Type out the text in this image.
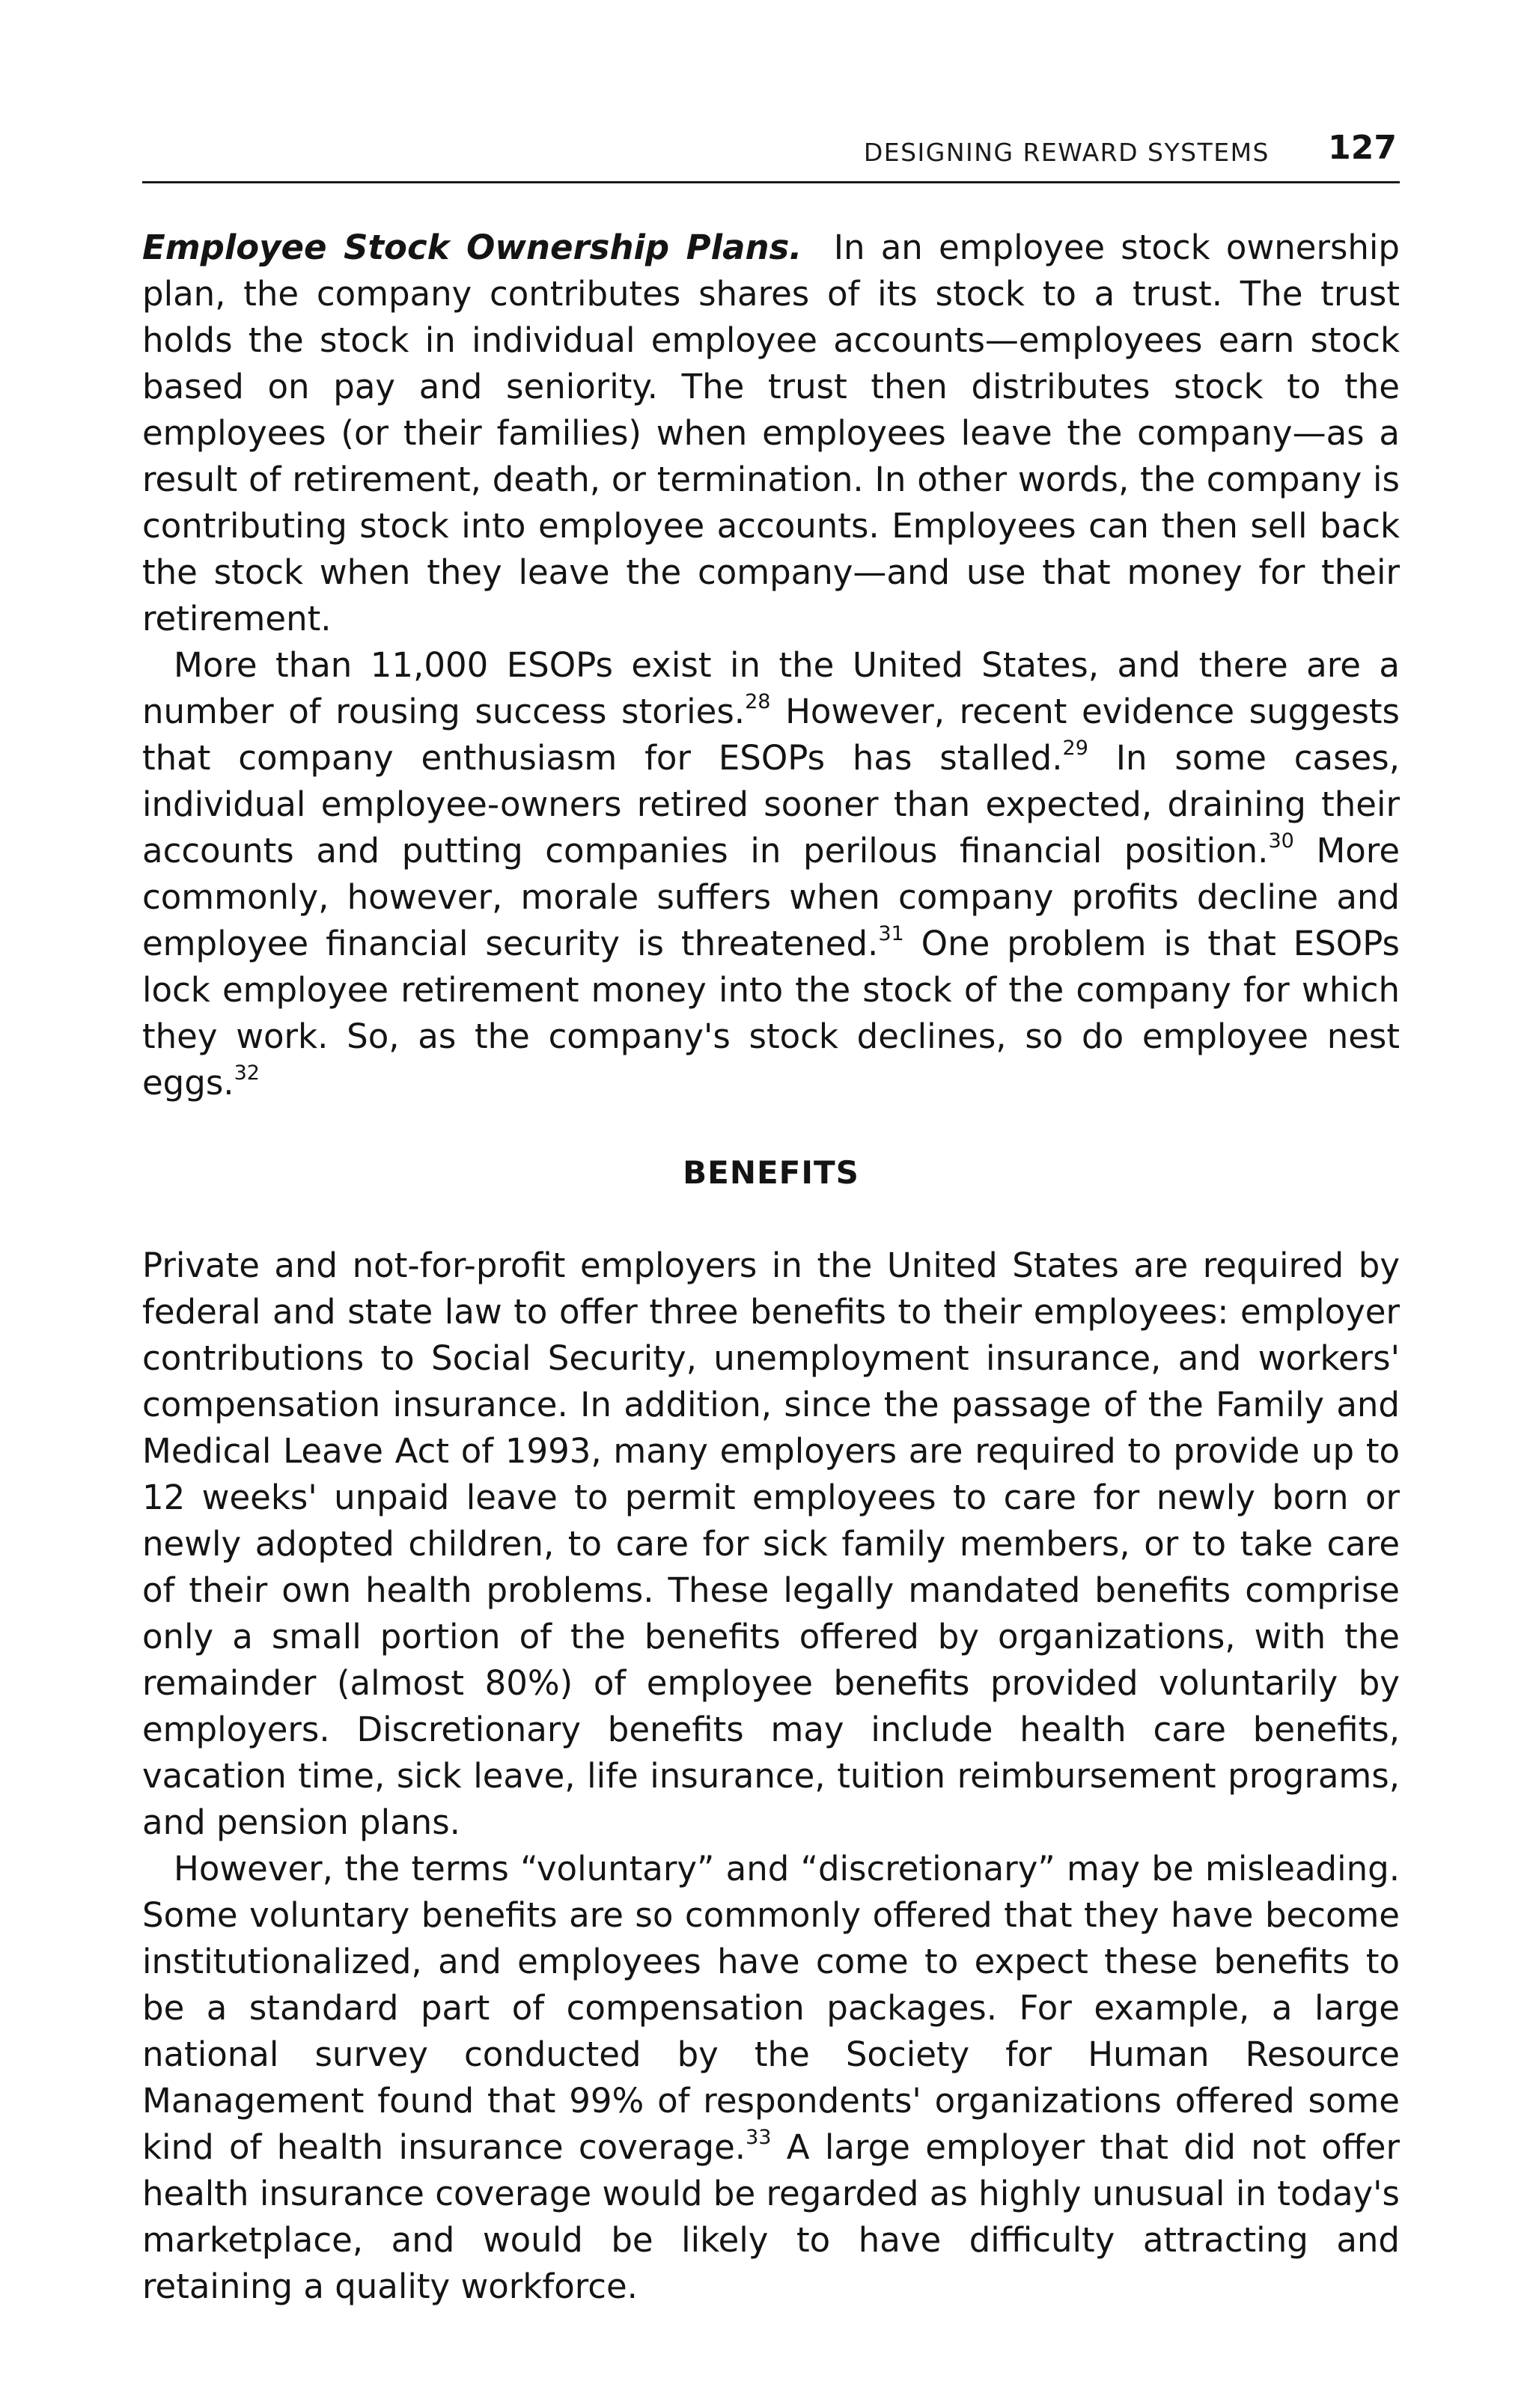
DESIGNING REWARD SYSTEMS 127

Employee Stock Ownership Plans. In an employee stock ownership plan, the company contributes shares of its stock to a trust. The trust holds the stock in individual employee accounts—employees earn stock based on pay and seniority. The trust then distributes stock to the employees (or their families) when employees leave the company—as a result of retirement, death, or termination. In other words, the company is contributing stock into employee accounts. Employees can then sell back the stock when they leave the company—and use that money for their retirement.

More than 11,000 ESOPs exist in the United States, and there are a number of rousing success stories.$^{28}$ However, recent evidence suggests that company enthusiasm for ESOPs has stalled.$^{29}$ In some cases, individual employee-owners retired sooner than expected, draining their accounts and putting companies in perilous financial position.$^{30}$ More commonly, however, morale suffers when company profits decline and employee financial security is threatened.$^{31}$ One problem is that ESOPs lock employee retirement money into the stock of the company for which they work. So, as the company's stock declines, so do employee nest eggs.$^{32}$

BENEFITS

Private and not-for-profit employers in the United States are required by federal and state law to offer three benefits to their employees: employer contributions to Social Security, unemployment insurance, and workers' compensation insurance. In addition, since the passage of the Family and Medical Leave Act of 1993, many employers are required to provide up to 12 weeks' unpaid leave to permit employees to care for newly born or newly adopted children, to care for sick family members, or to take care of their own health problems. These legally mandated benefits comprise only a small portion of the benefits offered by organizations, with the remainder (almost 80%) of employee benefits provided voluntarily by employers. Discretionary benefits may include health care benefits, vacation time, sick leave, life insurance, tuition reimbursement programs, and pension plans.

However, the terms “voluntary” and “discretionary” may be misleading. Some voluntary benefits are so commonly offered that they have become institutionalized, and employees have come to expect these benefits to be a standard part of compensation packages. For example, a large national survey conducted by the Society for Human Resource Management found that 99% of respondents' organizations offered some kind of health insurance coverage.$^{33}$ A large employer that did not offer health insurance coverage would be regarded as highly unusual in today's marketplace, and would be likely to have difficulty attracting and retaining a quality workforce.
